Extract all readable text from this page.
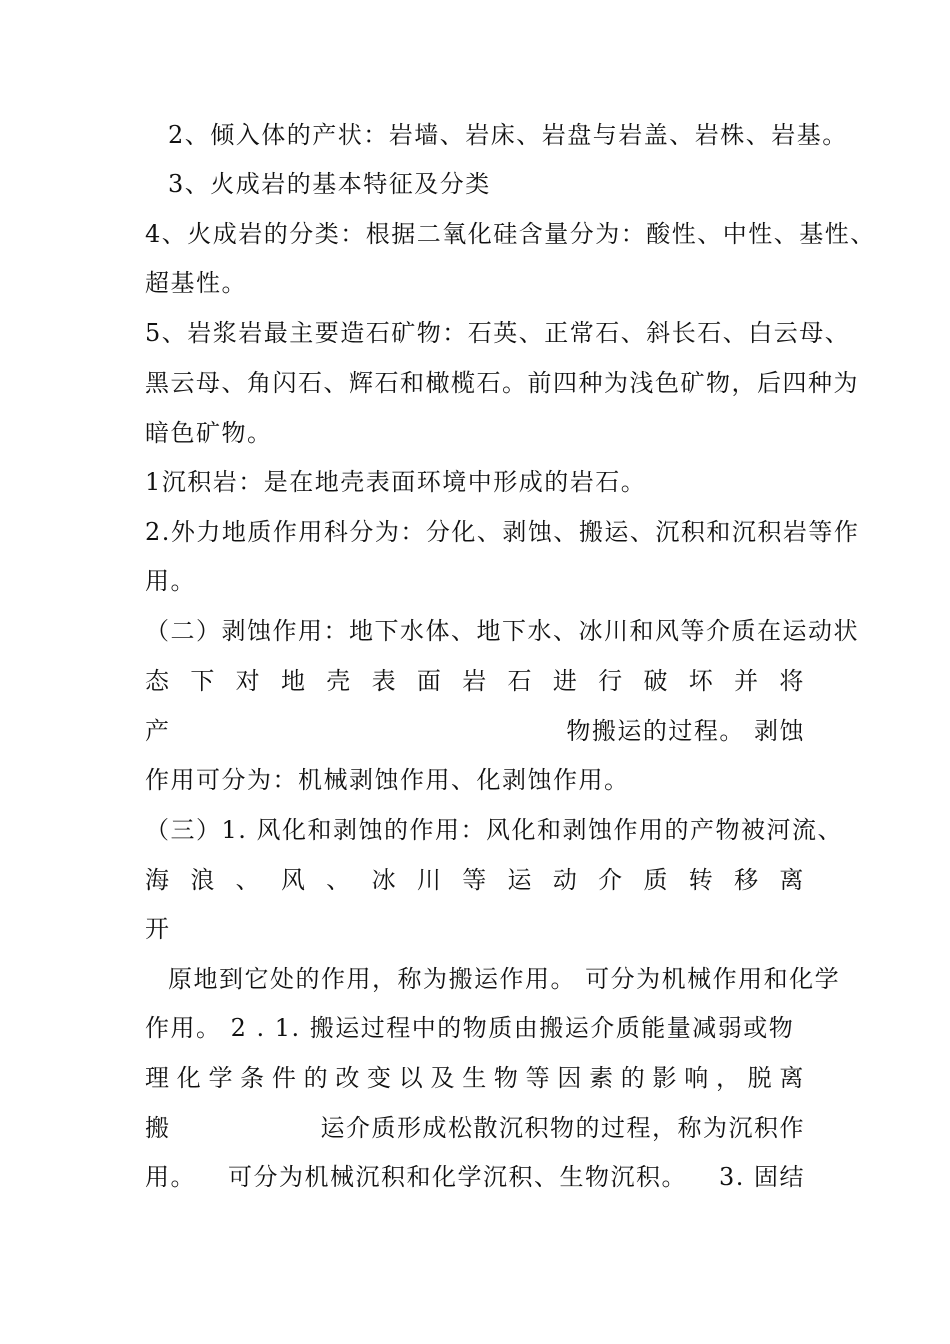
2、倾入体的产状：岩墙、岩床、岩盘与岩盖、岩株、岩基。
3、火成岩的基本特征及分类
4、火成岩的分类：根据二氧化硅含量分为：酸性、中性、基性、
超基性。
5、岩浆岩最主要造石矿物：石英、正常石、斜长石、白云母、
黑云母、角闪石、辉石和橄榄石。前四种为浅色矿物，后四种为
暗色矿物。
1沉积岩：是在地壳表面环境中形成的岩石。
2.外力地质作用科分为：分化、剥蚀、搬运、沉积和沉积岩等作
用。
（二）剥蚀作用：地下水体、地下水、冰川和风等介质在运动状
态 下 对 地 壳 表 面 岩 石 进 行 破 坏 并 将
产	物搬运的过程。 剥蚀
作用可分为：机械剥蚀作用、化剥蚀作用。
（三）1. 风化和剥蚀的作用：风化和剥蚀作用的产物被河流、
海 浪 、 风 、 冰 川 等 运 动 介 质 转 移 离
开
原地到它处的作用，称为搬运作用。 可分为机械作用和化学
作用。 2 . 1. 搬运过程中的物质由搬运介质能量减弱或物
理 化 学 条 件 的 改 变 以 及 生 物 等 因 素 的 影 响 ， 脱 离
搬	运介质形成松散沉积物的过程，称为沉积作
用。 可分为机械沉积和化学沉积、生物沉积。 3. 固结
